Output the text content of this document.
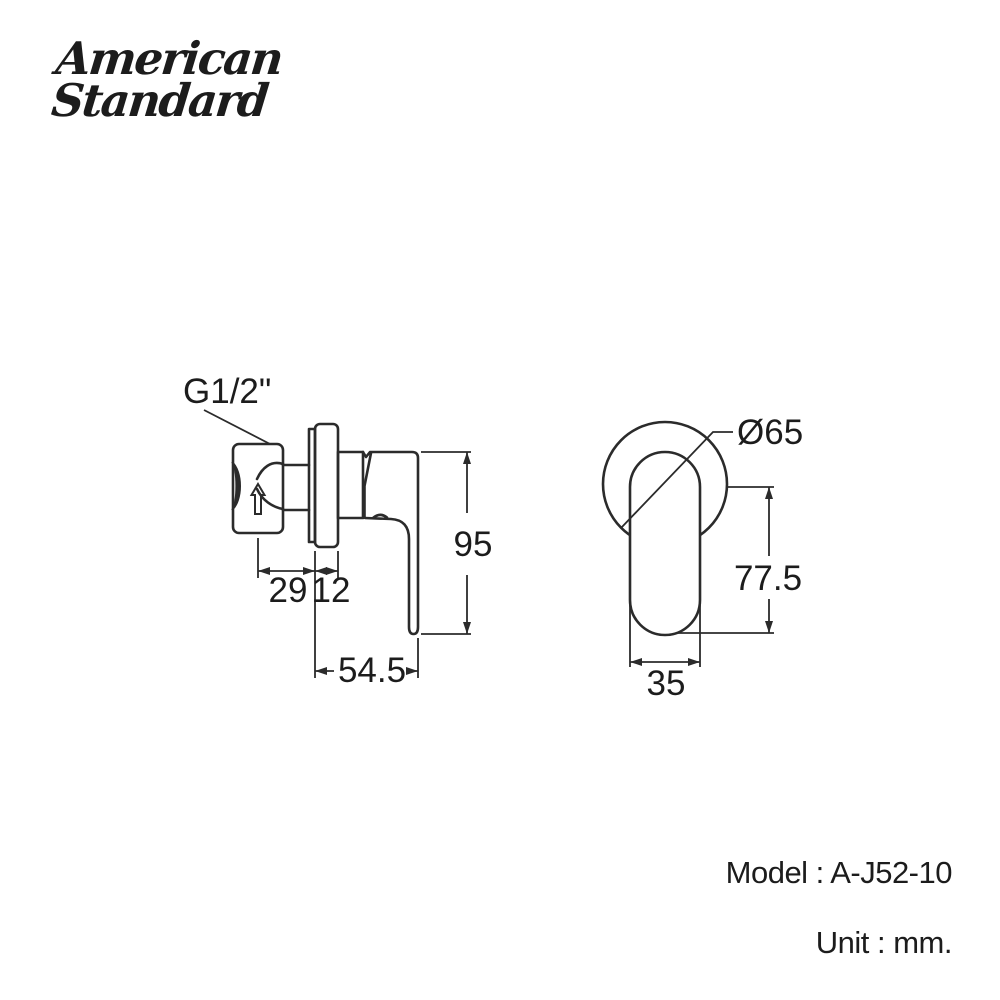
American
Standard
G1/2"
95
29 12
54.5
Ø65
77.5
35
Model : A-J52-10
Unit : mm.
